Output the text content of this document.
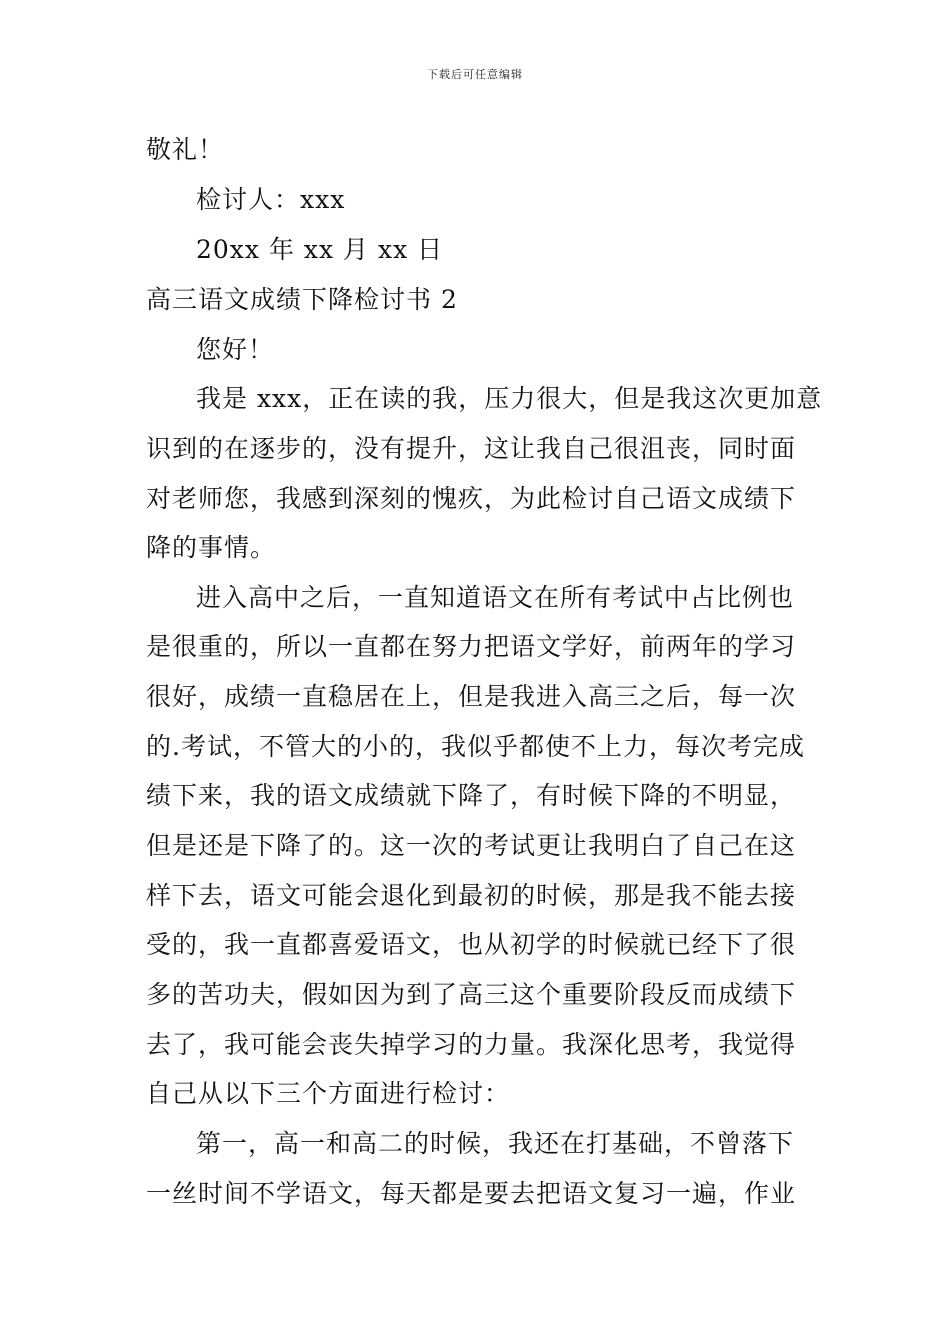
下载后可任意编辑
敬礼！
检讨人：xxx
20xx 年 xx 月 xx 日
高三语文成绩下降检讨书 2
您好！
我是 xxx，正在读的我，压力很大，但是我这次更加意
识到的在逐步的，没有提升，这让我自己很沮丧，同时面
对老师您，我感到深刻的愧疚，为此检讨自己语文成绩下
降的事情。
进入高中之后，一直知道语文在所有考试中占比例也
是很重的，所以一直都在努力把语文学好，前两年的学习
很好，成绩一直稳居在上，但是我进入高三之后，每一次
的.考试，不管大的小的，我似乎都使不上力，每次考完成
绩下来，我的语文成绩就下降了，有时候下降的不明显，
但是还是下降了的。这一次的考试更让我明白了自己在这
样下去，语文可能会退化到最初的时候，那是我不能去接
受的，我一直都喜爱语文，也从初学的时候就已经下了很
多的苦功夫，假如因为到了高三这个重要阶段反而成绩下
去了，我可能会丧失掉学习的力量。我深化思考，我觉得
自己从以下三个方面进行检讨：
第一，高一和高二的时候，我还在打基础，不曾落下
一丝时间不学语文，每天都是要去把语文复习一遍，作业
